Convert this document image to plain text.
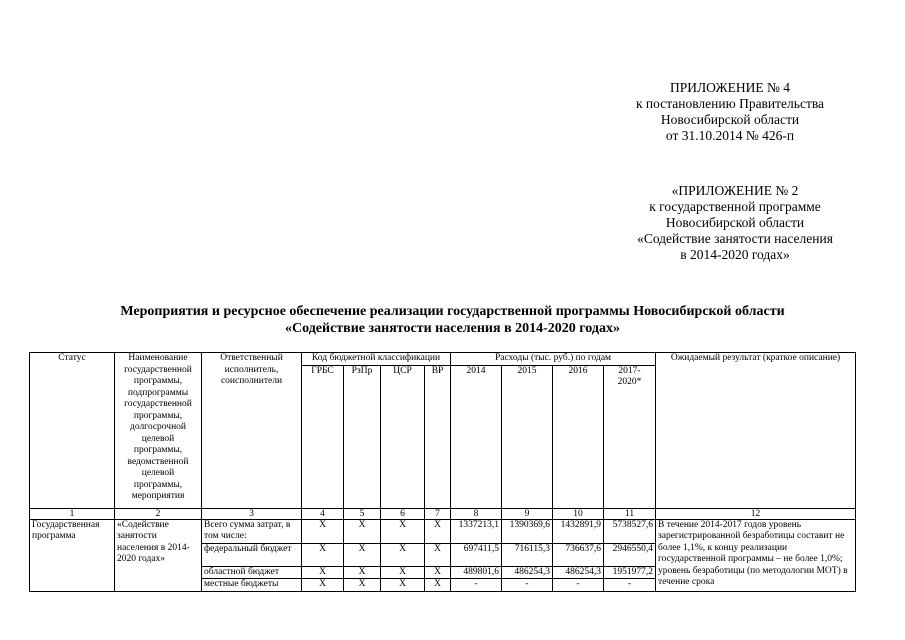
ПРИЛОЖЕНИЕ № 4
к постановлению Правительства
Новосибирской области
от 31.10.2014 № 426-п
«ПРИЛОЖЕНИЕ № 2
к государственной программе
Новосибирской области
«Содействие занятости населения
в 2014-2020 годах»
Мероприятия и ресурсное обеспечение реализации государственной программы Новосибирской области
«Содействие занятости населения в 2014-2020 годах»
Статус	Наименование государственной программы, подпрограммы государственной программы, долгосрочной целевой программы, ведомственной целевой программы, мероприятия	Ответственный исполнитель, соисполнители	Код бюджетной классификации				Расходы (тыс. руб.) по годам				Ожидаемый результат (краткое описание)
			ГРБС	РзПр	ЦСР	ВР	2014	2015	2016	2017-
2020*	
1	2	3	4	5	6	7	8	9	10	11	12
Государственная программа	«Содействие занятости населения в 2014-2020 годах»	Всего сумма затрат, в том числе:	Х	Х	Х	Х	1337213,1	1390369,6	1432891,9	5738527,6	В течение 2014-2017 годов уровень зарегистрированной безработицы составит не более 1,1%, к концу реализации государственной программы – не более 1,0%; уровень безработицы (по методологии МОТ) в течение срока
		федеральный бюджет	Х	Х	Х	Х	697411,5	716115,3	736637,6	2946550,4	
		областной бюджет	Х	Х	Х	Х	489801,6	486254,3	486254,3	1951977,2	
		местные бюджеты	Х	Х	Х	Х	-	-	-	-	
